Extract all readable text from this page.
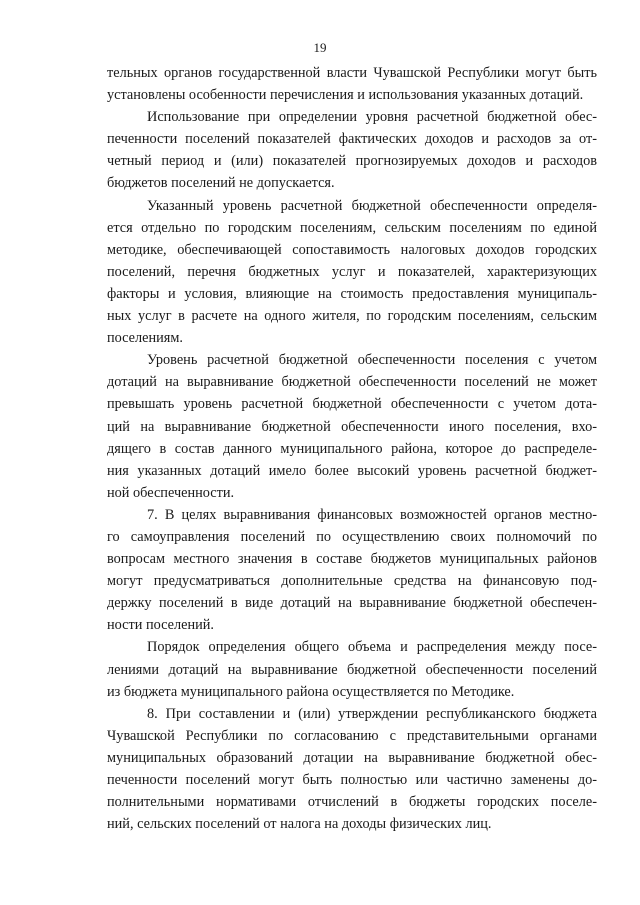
19

тельных органов государственной власти Чувашской Республики могут быть
установлены особенности перечисления и использования указанных дотаций.

Использование при определении уровня расчетной бюджетной обес-
печенности поселений показателей фактических доходов и расходов за от-
четный период и (или) показателей прогнозируемых доходов и расходов
бюджетов поселений не допускается.

Указанный уровень расчетной бюджетной обеспеченности определя-
ется отдельно по городским поселениям, сельским поселениям по единой
методике, обеспечивающей сопоставимость налоговых доходов городских
поселений, перечня бюджетных услуг и показателей, характеризующих
факторы и условия, влияющие на стоимость предоставления муниципаль-
ных услуг в расчете на одного жителя, по городским поселениям, сельским
поселениям.

Уровень расчетной бюджетной обеспеченности поселения с учетом
дотаций на выравнивание бюджетной обеспеченности поселений не может
превышать уровень расчетной бюджетной обеспеченности с учетом дота-
ций на выравнивание бюджетной обеспеченности иного поселения, вхо-
дящего в состав данного муниципального района, которое до распределе-
ния указанных дотаций имело более высокий уровень расчетной бюджет-
ной обеспеченности.

7. В целях выравнивания финансовых возможностей органов местно-
го самоуправления поселений по осуществлению своих полномочий по
вопросам местного значения в составе бюджетов муниципальных районов
могут предусматриваться дополнительные средства на финансовую под-
держку поселений в виде дотаций на выравнивание бюджетной обеспечен-
ности поселений.

Порядок определения общего объема и распределения между посе-
лениями дотаций на выравнивание бюджетной обеспеченности поселений
из бюджета муниципального района осуществляется по Методике.

8. При составлении и (или) утверждении республиканского бюджета
Чувашской Республики по согласованию с представительными органами
муниципальных образований дотации на выравнивание бюджетной обес-
печенности поселений могут быть полностью или частично заменены до-
полнительными нормативами отчислений в бюджеты городских поселе-
ний, сельских поселений от налога на доходы физических лиц.
